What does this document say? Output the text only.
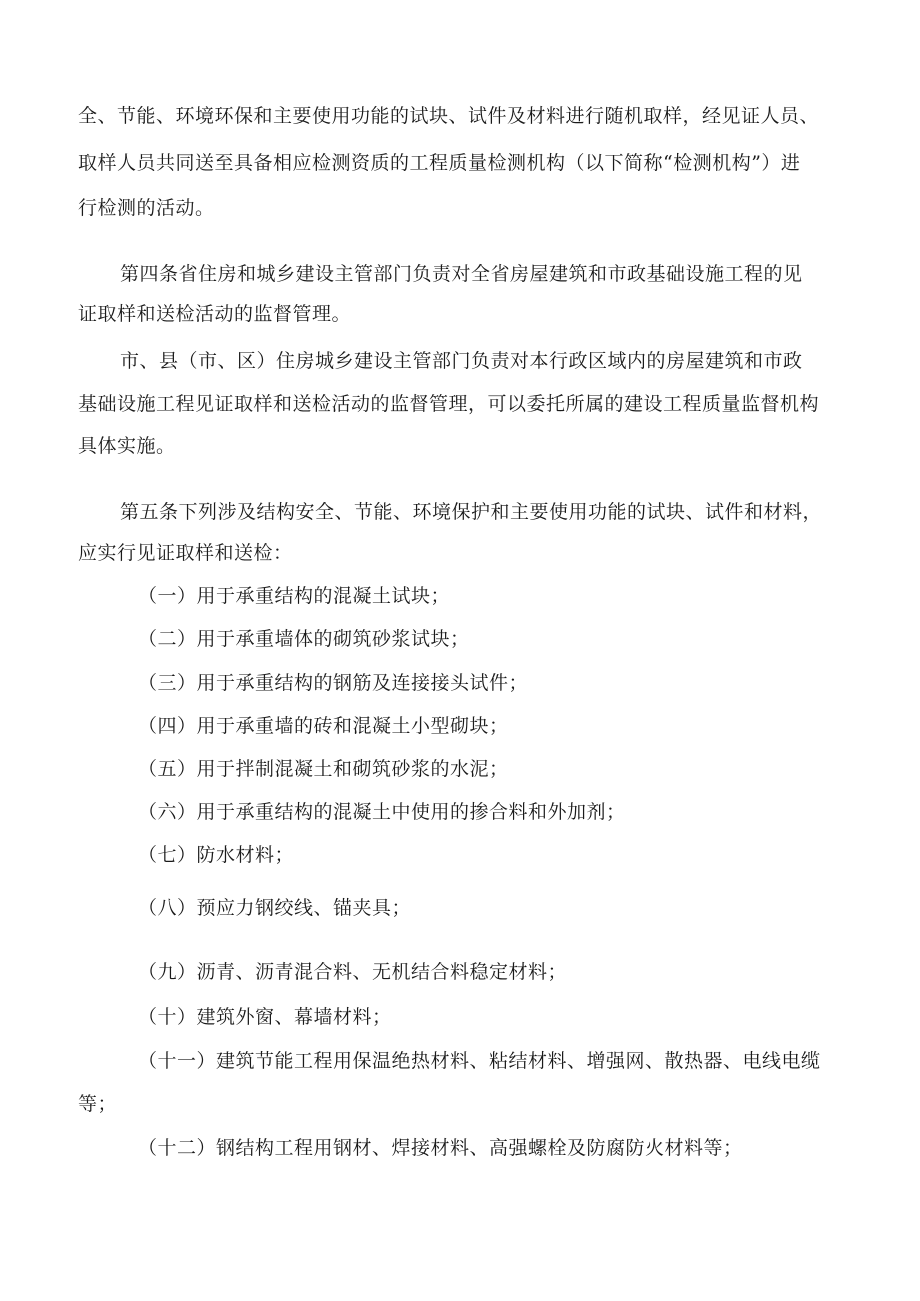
全、节能、环境环保和主要使用功能的试块、试件及材料进行随机取样，经见证人员、
取样人员共同送至具备相应检测资质的工程质量检测机构（以下简称“检测机构”）进
行检测的活动。
第四条省住房和城乡建设主管部门负责对全省房屋建筑和市政基础设施工程的见
证取样和送检活动的监督管理。
市、县（市、区）住房城乡建设主管部门负责对本行政区域内的房屋建筑和市政
基础设施工程见证取样和送检活动的监督管理，可以委托所属的建设工程质量监督机构
具体实施。
第五条下列涉及结构安全、节能、环境保护和主要使用功能的试块、试件和材料，
应实行见证取样和送检：
（一）用于承重结构的混凝土试块；
（二）用于承重墙体的砌筑砂浆试块；
（三）用于承重结构的钢筋及连接接头试件；
（四）用于承重墙的砖和混凝土小型砌块；
（五）用于拌制混凝土和砌筑砂浆的水泥；
（六）用于承重结构的混凝土中使用的掺合料和外加剂；
（七）防水材料；
（八）预应力钢绞线、锚夹具；
（九）沥青、沥青混合料、无机结合料稳定材料；
（十）建筑外窗、幕墙材料；
（十一）建筑节能工程用保温绝热材料、粘结材料、增强网、散热器、电线电缆
等；
（十二）钢结构工程用钢材、焊接材料、高强螺栓及防腐防火材料等；
